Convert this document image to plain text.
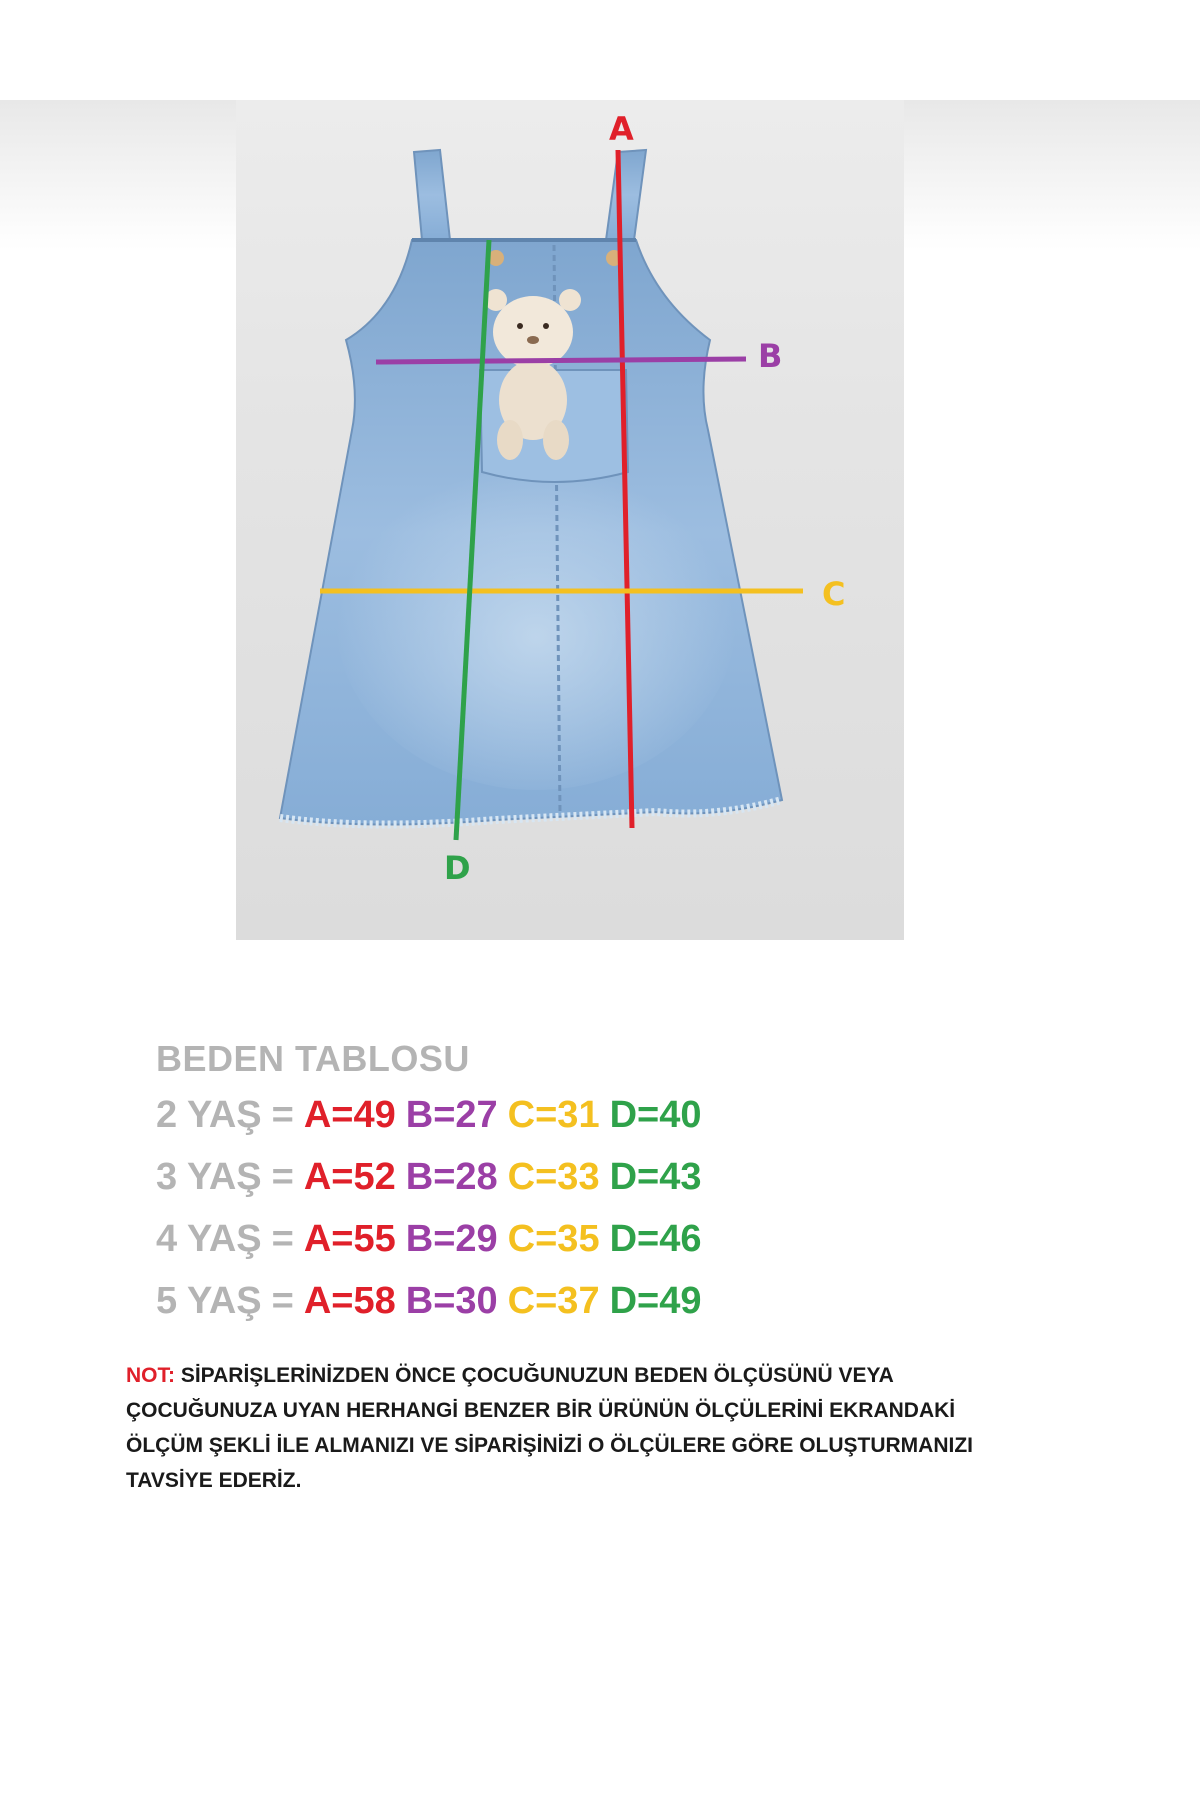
A
B
C
D
BEDEN TABLOSU
2 YAŞ = A=49 B=27 C=31 D=40
3 YAŞ = A=52 B=28 C=33 D=43
4 YAŞ = A=55 B=29 C=35 D=46
5 YAŞ = A=58 B=30 C=37 D=49
NOT: SİPARİŞLERİNİZDEN ÖNCE ÇOCUĞUNUZUN BEDEN ÖLÇÜSÜNÜ VEYA ÇOCUĞUNUZA UYAN HERHANGİ BENZER BİR ÜRÜNÜN ÖLÇÜLERİNİ EKRANDAKİ ÖLÇÜM ŞEKLİ İLE ALMANIZI VE SİPARİŞİNİZİ O ÖLÇÜLERE GÖRE OLUŞTURMANIZI TAVSİYE EDERİZ.
